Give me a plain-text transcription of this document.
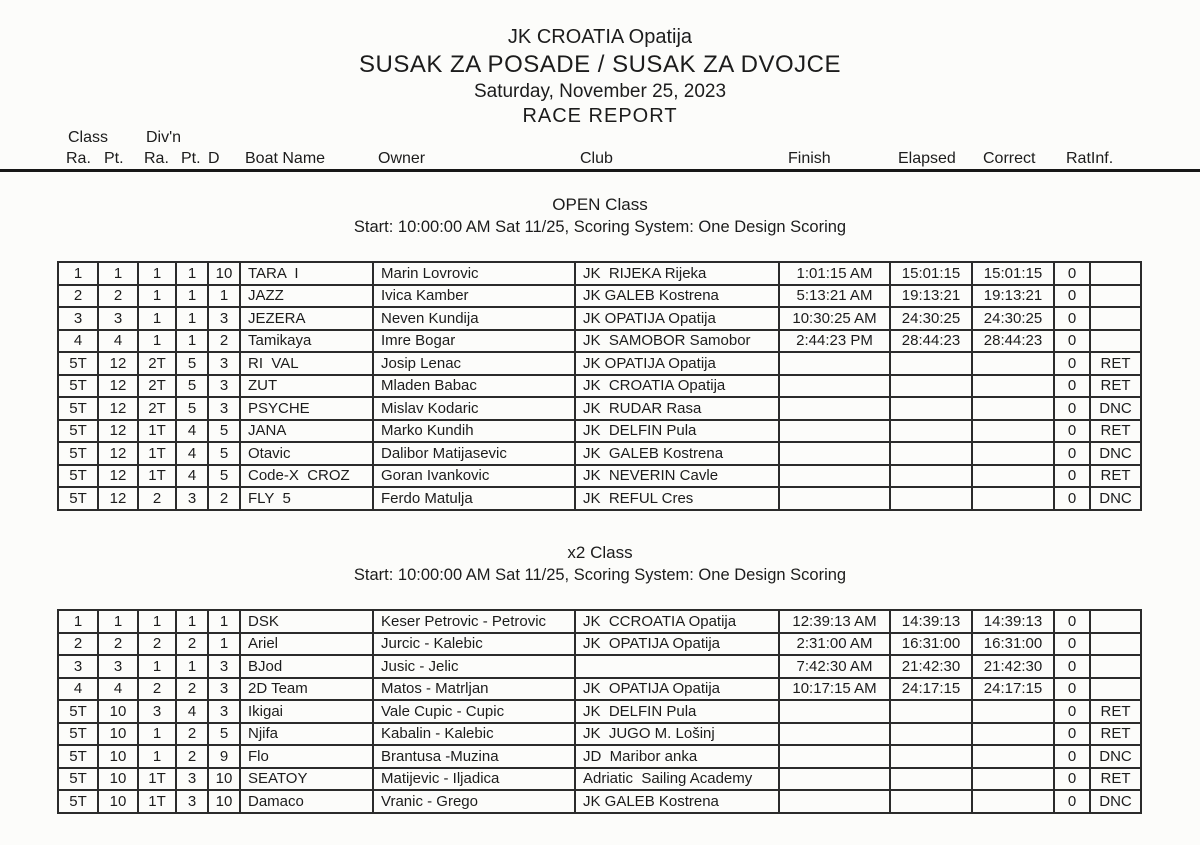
JK CROATIA Opatija
SUSAK ZA POSADE / SUSAK ZA DVOJCE
Saturday, November 25, 2023
RACE REPORT
Class Div'n
Ra. Pt. Ra. Pt. D Boat Name	Owner	Club	Finish	Elapsed Correct RatInf.
OPEN Class
Start: 10:00:00 AM Sat 11/25, Scoring System: One Design Scoring
1	1	1	1	10	TARA  I	Marin Lovrovic	JK  RIJEKA Rijeka	1:01:15 AM	15:01:15	15:01:15	0	
2	2	1	1	1	JAZZ	Ivica Kamber	JK GALEB Kostrena	5:13:21 AM	19:13:21	19:13:21	0	
3	3	1	1	3	JEZERA	Neven Kundija	JK OPATIJA Opatija	10:30:25 AM	24:30:25	24:30:25	0	
4	4	1	1	2	Tamikaya	Imre Bogar	JK  SAMOBOR Samobor	2:44:23 PM	28:44:23	28:44:23	0	
5T	12	2T	5	3	RI  VAL	Josip Lenac	JK OPATIJA Opatija				0	RET
5T	12	2T	5	3	ZUT	Mladen Babac	JK  CROATIA Opatija				0	RET
5T	12	2T	5	3	PSYCHE	Mislav Kodaric	JK  RUDAR Rasa				0	DNC
5T	12	1T	4	5	JANA	Marko Kundih	JK  DELFIN Pula				0	RET
5T	12	1T	4	5	Otavic	Dalibor Matijasevic	JK  GALEB Kostrena				0	DNC
5T	12	1T	4	5	Code-X  CROZ	Goran Ivankovic	JK  NEVERIN Cavle				0	RET
5T	12	2	3	2	FLY  5	Ferdo Matulja	JK  REFUL Cres				0	DNC
x2 Class
Start: 10:00:00 AM Sat 11/25, Scoring System: One Design Scoring
1	1	1	1	1	DSK	Keser Petrovic - Petrovic	JK  CCROATIA Opatija	12:39:13 AM	14:39:13	14:39:13	0	
2	2	2	2	1	Ariel	Jurcic - Kalebic	JK  OPATIJA Opatija	2:31:00 AM	16:31:00	16:31:00	0	
3	3	1	1	3	BJod	Jusic - Jelic		7:42:30 AM	21:42:30	21:42:30	0	
4	4	2	2	3	2D Team	Matos - Matrljan	JK  OPATIJA Opatija	10:17:15 AM	24:17:15	24:17:15	0	
5T	10	3	4	3	Ikigai	Vale Cupic - Cupic	JK  DELFIN Pula				0	RET
5T	10	1	2	5	Njifa	Kabalin - Kalebic	JK  JUGO M. Lošinj				0	RET
5T	10	1	2	9	Flo	Brantusa -Muzina	JD  Maribor anka				0	DNC
5T	10	1T	3	10	SEATOY	Matijevic - Iljadica	Adriatic  Sailing Academy				0	RET
5T	10	1T	3	10	Damaco	Vranic - Grego	JK GALEB Kostrena				0	DNC
